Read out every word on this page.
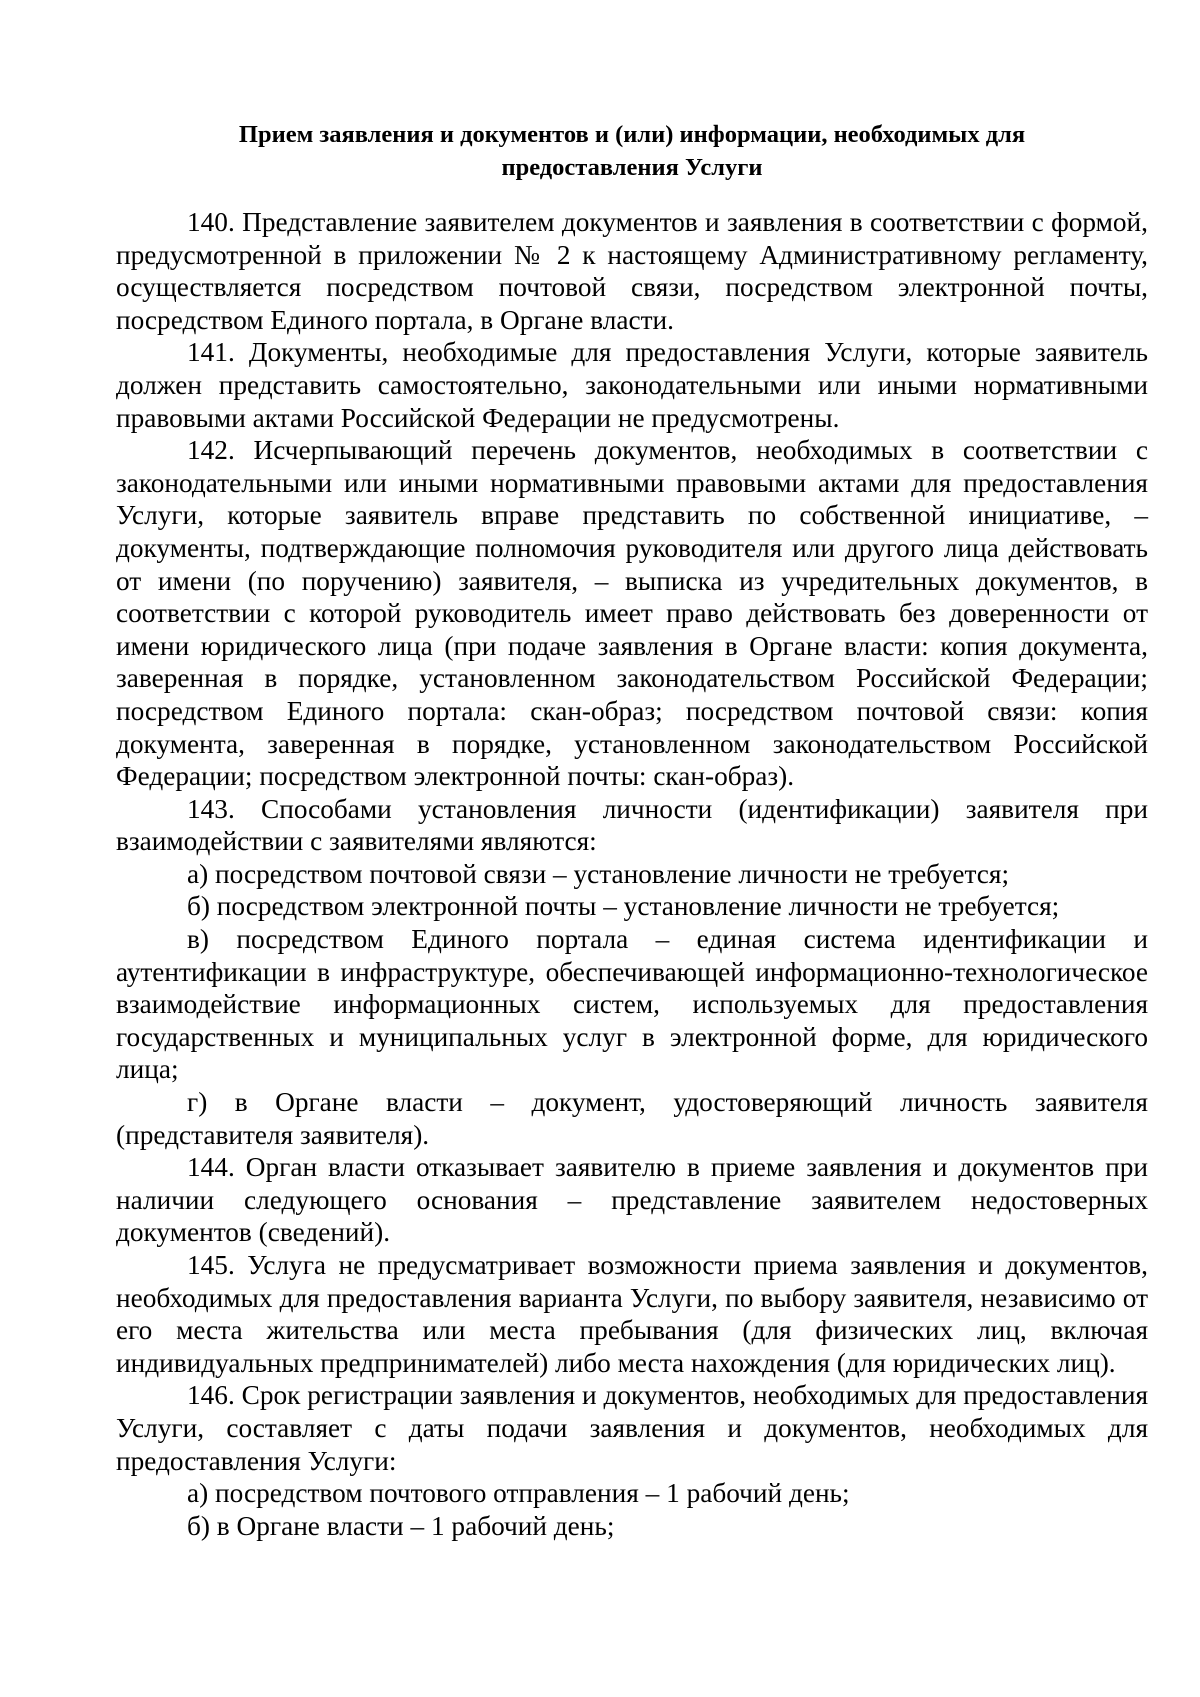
Прием заявления и документов и (или) информации, необходимых для
предоставления Услуги

140. Представление заявителем документов и заявления в соответствии с формой, предусмотренной в приложении № 2 к настоящему Административному регламенту, осуществляется посредством почтовой связи, посредством электронной почты, посредством Единого портала, в Органе власти.

141. Документы, необходимые для предоставления Услуги, которые заявитель должен представить самостоятельно, законодательными или иными нормативными правовыми актами Российской Федерации не предусмотрены.

142. Исчерпывающий перечень документов, необходимых в соответствии с законодательными или иными нормативными правовыми актами для предоставления Услуги, которые заявитель вправе представить по собственной инициативе, – документы, подтверждающие полномочия руководителя или другого лица действовать от имени (по поручению) заявителя, – выписка из учредительных документов, в соответствии с которой руководитель имеет право действовать без доверенности от имени юридического лица (при подаче заявления в Органе власти: копия документа, заверенная в порядке, установленном законодательством Российской Федерации; посредством Единого портала: скан-образ; посредством почтовой связи: копия документа, заверенная в порядке, установленном законодательством Российской Федерации; посредством электронной почты: скан-образ).

143. Способами установления личности (идентификации) заявителя при взаимодействии с заявителями являются:

а) посредством почтовой связи – установление личности не требуется;

б) посредством электронной почты – установление личности не требуется;

в) посредством Единого портала – единая система идентификации и аутентификации в инфраструктуре, обеспечивающей информационно-технологическое взаимодействие информационных систем, используемых для предоставления государственных и муниципальных услуг в электронной форме, для юридического лица;

г) в Органе власти – документ, удостоверяющий личность заявителя (представителя заявителя).

144. Орган власти отказывает заявителю в приеме заявления и документов при наличии следующего основания – представление заявителем недостоверных документов (сведений).

145. Услуга не предусматривает возможности приема заявления и документов, необходимых для предоставления варианта Услуги, по выбору заявителя, независимо от его места жительства или места пребывания (для физических лиц, включая индивидуальных предпринимателей) либо места нахождения (для юридических лиц).

146. Срок регистрации заявления и документов, необходимых для предоставления Услуги, составляет с даты подачи заявления и документов, необходимых для предоставления Услуги:

а) посредством почтового отправления – 1 рабочий день;

б) в Органе власти – 1 рабочий день;
